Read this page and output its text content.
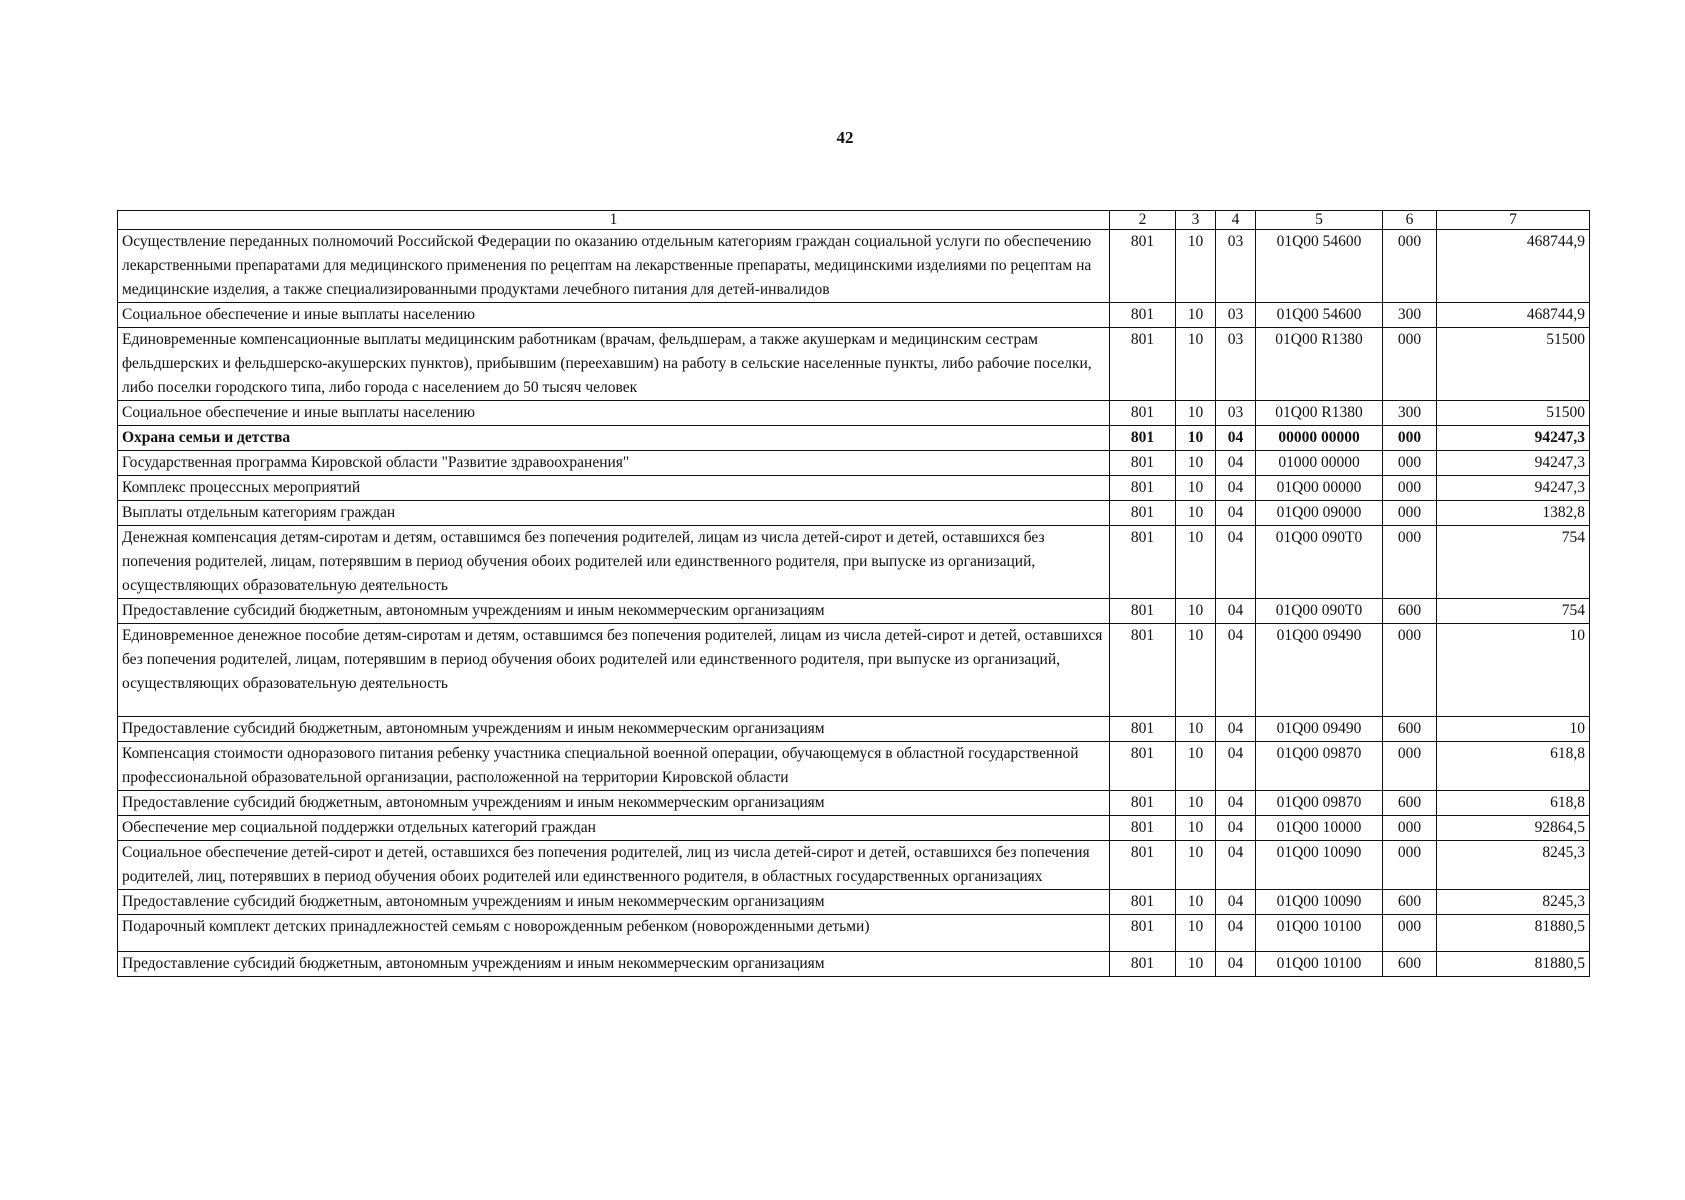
42
1	2	3	4	5	6	7
Осуществление переданных полномочий Российской Федерации по оказанию отдельным категориям граждан социальной услуги по обеспечению лекарственными препаратами для медицинского применения по рецептам на лекарственные препараты, медицинскими изделиями по рецептам на медицинские изделия, а также специализированными продуктами лечебного питания для детей-инвалидов	801	10	03	01Q00 54600	000	468744,9
Социальное обеспечение и иные выплаты населению	801	10	03	01Q00 54600	300	468744,9
Единовременные компенсационные выплаты медицинским работникам (врачам, фельдшерам, а также акушеркам и медицинским сестрам фельдшерских и фельдшерско-акушерских пунктов), прибывшим (переехавшим) на работу в сельские населенные пункты, либо рабочие поселки, либо поселки городского типа, либо города с населением до 50 тысяч человек	801	10	03	01Q00 R1380	000	51500
Социальное обеспечение и иные выплаты населению	801	10	03	01Q00 R1380	300	51500
Охрана семьи и детства	801	10	04	00000 00000	000	94247,3
Государственная программа Кировской области "Развитие здравоохранения"	801	10	04	01000 00000	000	94247,3
Комплекс процессных мероприятий	801	10	04	01Q00 00000	000	94247,3
Выплаты отдельным категориям граждан	801	10	04	01Q00 09000	000	1382,8
Денежная компенсация детям-сиротам и детям, оставшимся без попечения родителей, лицам из числа детей-сирот и детей, оставшихся без попечения родителей, лицам, потерявшим в период обучения обоих родителей или единственного родителя, при выпуске из организаций, осуществляющих образовательную деятельность	801	10	04	01Q00 090T0	000	754
Предоставление субсидий бюджетным, автономным учреждениям и иным некоммерческим организациям	801	10	04	01Q00 090T0	600	754
Единовременное денежное пособие детям-сиротам и детям, оставшимся без попечения родителей, лицам из числа детей-сирот и детей, оставшихся без попечения родителей, лицам, потерявшим в период обучения обоих родителей или единственного родителя, при выпуске из организаций, осуществляющих образовательную деятельность	801	10	04	01Q00 09490	000	10
Предоставление субсидий бюджетным, автономным учреждениям и иным некоммерческим организациям	801	10	04	01Q00 09490	600	10
Компенсация стоимости одноразового питания ребенку участника специальной военной операции, обучающемуся в областной государственной профессиональной образовательной организации, расположенной на территории Кировской области	801	10	04	01Q00 09870	000	618,8
Предоставление субсидий бюджетным, автономным учреждениям и иным некоммерческим организациям	801	10	04	01Q00 09870	600	618,8
Обеспечение мер социальной поддержки отдельных категорий граждан	801	10	04	01Q00 10000	000	92864,5
Социальное обеспечение детей-сирот и детей, оставшихся без попечения родителей, лиц из числа детей-сирот и детей, оставшихся без попечения родителей, лиц, потерявших в период обучения обоих родителей или единственного родителя, в областных государственных организациях	801	10	04	01Q00 10090	000	8245,3
Предоставление субсидий бюджетным, автономным учреждениям и иным некоммерческим организациям	801	10	04	01Q00 10090	600	8245,3
Подарочный комплект детских принадлежностей семьям с новорожденным ребенком (новорожденными детьми)	801	10	04	01Q00 10100	000	81880,5
Предоставление субсидий бюджетным, автономным учреждениям и иным некоммерческим организациям	801	10	04	01Q00 10100	600	81880,5
